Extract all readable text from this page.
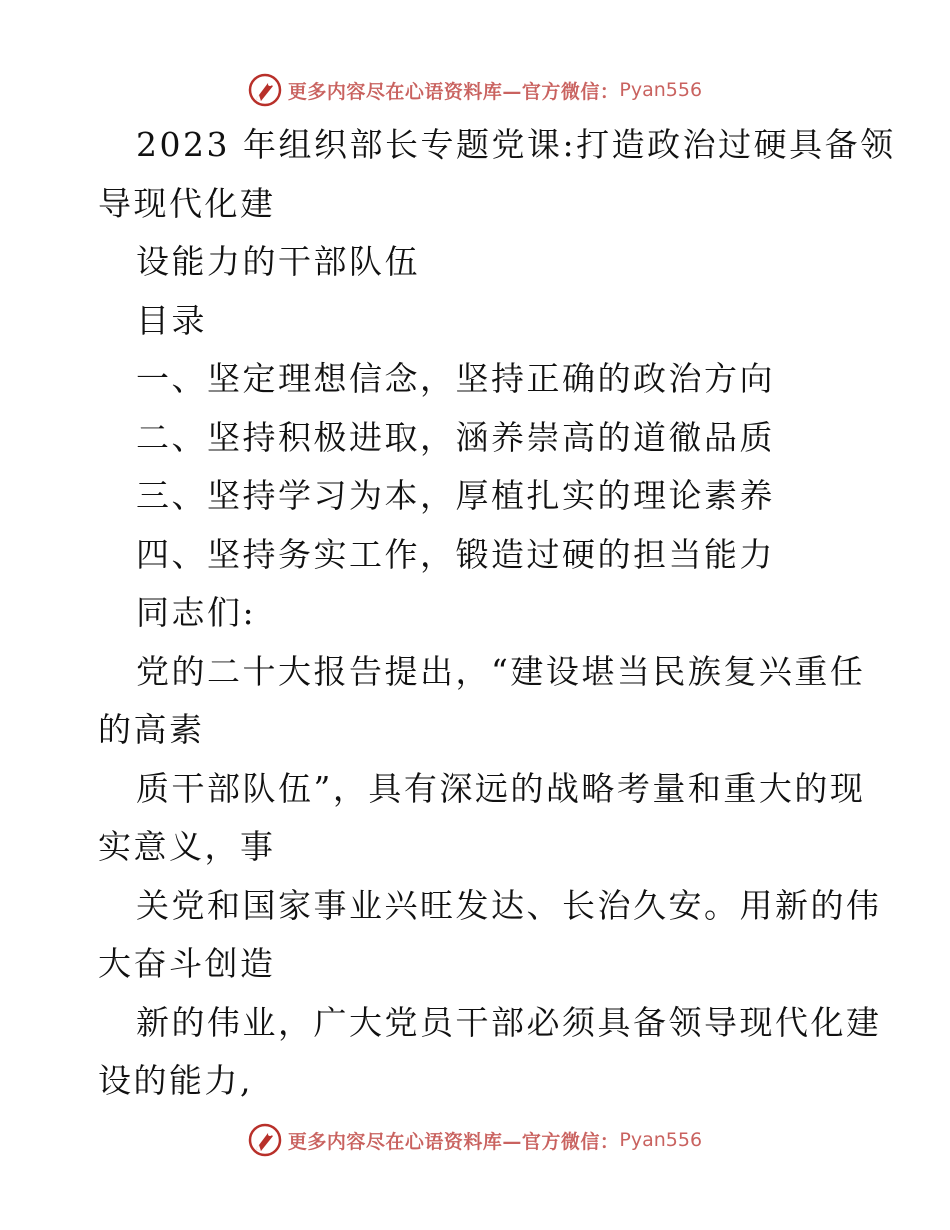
更多内容尽在心语资料库—官方微信： Pyan556
2023 年组织部长专题党课:打造政治过硬具备领
导现代化建
设能力的干部队伍
目录
一、坚定理想信念，坚持正确的政治方向
二、坚持积极进取，涵养崇高的道徹品质
三、坚持学习为本，厚植扎实的理论素养
四、坚持务实工作，锻造过硬的担当能力
同志们:
党的二十大报告提出，“建设堪当民族复兴重任
的高素
质干部队伍”，具有深远的战略考量和重大的现
实意义，事
关党和国家事业兴旺发达、长治久安。用新的伟
大奋斗创造
新的伟业，广大党员干部必须具备领导现代化建
设的能力,
更多内容尽在心语资料库—官方微信： Pyan556
